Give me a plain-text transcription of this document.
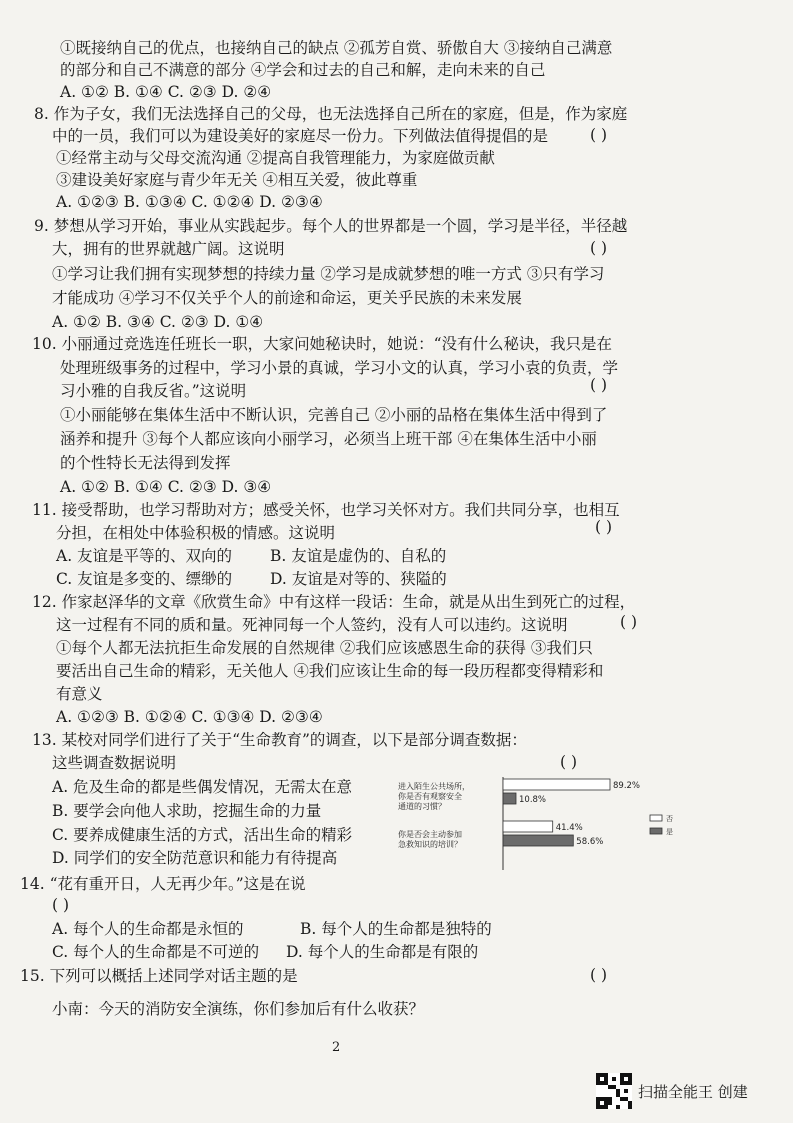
①既接纳自己的优点，也接纳自己的缺点 ②孤芳自赏、骄傲自大 ③接纳自己满意
的部分和自己不满意的部分 ④学会和过去的自己和解，走向未来的自己
A. ①② B. ①④ C. ②③ D. ②④
8. 作为子女，我们无法选择自己的父母，也无法选择自己所在的家庭，但是，作为家庭
中的一员，我们可以为建设美好的家庭尽一份力。下列做法值得提倡的是	( )
①经常主动与父母交流沟通 ②提高自我管理能力，为家庭做贡献
③建设美好家庭与青少年无关 ④相互关爱，彼此尊重
A. ①②③ B. ①③④ C. ①②④ D. ②③④
9. 梦想从学习开始，事业从实践起步。每个人的世界都是一个圆，学习是半径，半径越
大，拥有的世界就越广阔。这说明	( )
①学习让我们拥有实现梦想的持续力量 ②学习是成就梦想的唯一方式 ③只有学习
才能成功 ④学习不仅关乎个人的前途和命运，更关乎民族的未来发展
A. ①② B. ③④ C. ②③ D. ①④
10. 小丽通过竞选连任班长一职，大家问她秘诀时，她说：“没有什么秘诀，我只是在
处理班级事务的过程中，学习小景的真诚，学习小文的认真，学习小袁的负责，学
习小雅的自我反省。”这说明	( )
①小丽能够在集体生活中不断认识，完善自己 ②小丽的品格在集体生活中得到了
涵养和提升 ③每个人都应该向小丽学习，必须当上班干部 ④在集体生活中小丽
的个性特长无法得到发挥
A. ①② B. ①④ C. ②③ D. ③④
11. 接受帮助，也学习帮助对方；感受关怀，也学习关怀对方。我们共同分享，也相互
分担，在相处中体验积极的情感。这说明	( )
A. 友谊是平等的、双向的 B. 友谊是虚伪的、自私的
C. 友谊是多变的、缥缈的 D. 友谊是对等的、狭隘的
12. 作家赵泽华的文章《欣赏生命》中有这样一段话：生命，就是从出生到死亡的过程，
这一过程有不同的质和量。死神同每一个人签约，没有人可以违约。这说明	( )
①每个人都无法抗拒生命发展的自然规律 ②我们应该感恩生命的获得 ③我们只
要活出自己生命的精彩，无关他人 ④我们应该让生命的每一段历程都变得精彩和
有意义
A. ①②③ B. ①②④ C. ①③④ D. ②③④
13. 某校对同学们进行了关于“生命教育”的调查，以下是部分调查数据：
这些调查数据说明	( )
A. 危及生命的都是些偶发情况，无需太在意
B. 要学会向他人求助，挖掘生命的力量
C. 要养成健康生活的方式，活出生命的精彩
D. 同学们的安全防范意识和能力有待提高
进入陌生公共场所，
你是否有观察安全
通道的习惯？
你是否会主动参加
急救知识的培训？
89.2%
10.8%
41.4%
58.6%
否
是
14. “花有重开日，人无再少年。”这是在说
( )
A. 每个人的生命都是永恒的	B. 每个人的生命都是独特的
C. 每个人的生命都是不可逆的 D. 每个人的生命都是有限的
15. 下列可以概括上述同学对话主题的是	( )
小南：今天的消防安全演练，你们参加后有什么收获？
2
扫描全能王 创建
